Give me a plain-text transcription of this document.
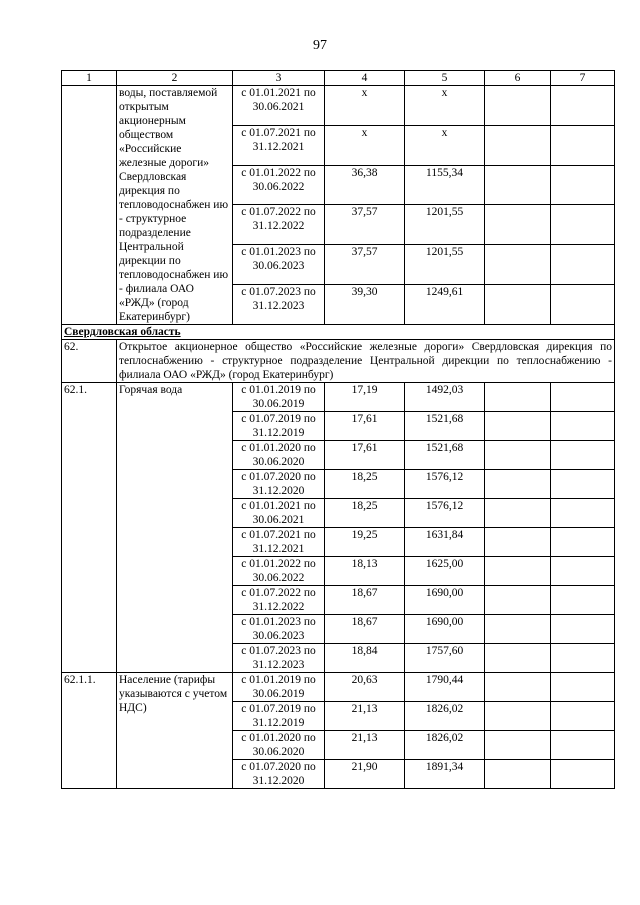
97
1	2	3	4	5	6	7
	воды, поставляемой открытым акционерным обществом «Российские железные дороги» Свердловская дирекция по тепловодоснабжен ию - структурное подразделение Центральной дирекции по тепловодоснабжен ию - филиала ОАО «РЖД» (город Екатеринбург)	с 01.01.2021 по 30.06.2021	х	х		
		с 01.07.2021 по 31.12.2021	х	х		
		с 01.01.2022 по 30.06.2022	36,38	1155,34		
		с 01.07.2022 по 31.12.2022	37,57	1201,55		
		с 01.01.2023 по 30.06.2023	37,57	1201,55		
		с 01.07.2023 по 31.12.2023	39,30	1249,61		
Свердловская область						
62.	Открытое акционерное общество «Российские железные дороги» Свердловская дирекция по теплоснабжению - структурное подразделение Центральной дирекции по теплоснабжению - филиала ОАО «РЖД» (город Екатеринбург)					
62.1.	Горячая вода	с 01.01.2019 по 30.06.2019	17,19	1492,03		
		с 01.07.2019 по 31.12.2019	17,61	1521,68		
		с 01.01.2020 по 30.06.2020	17,61	1521,68		
		с 01.07.2020 по 31.12.2020	18,25	1576,12		
		с 01.01.2021 по 30.06.2021	18,25	1576,12		
		с 01.07.2021 по 31.12.2021	19,25	1631,84		
		с 01.01.2022 по 30.06.2022	18,13	1625,00		
		с 01.07.2022 по 31.12.2022	18,67	1690,00		
		с 01.01.2023 по 30.06.2023	18,67	1690,00		
		с 01.07.2023 по 31.12.2023	18,84	1757,60		
62.1.1.	Население (тарифы указываются с учетом НДС)	с 01.01.2019 по 30.06.2019	20,63	1790,44		
		с 01.07.2019 по 31.12.2019	21,13	1826,02		
		с 01.01.2020 по 30.06.2020	21,13	1826,02		
		с 01.07.2020 по 31.12.2020	21,90	1891,34		
